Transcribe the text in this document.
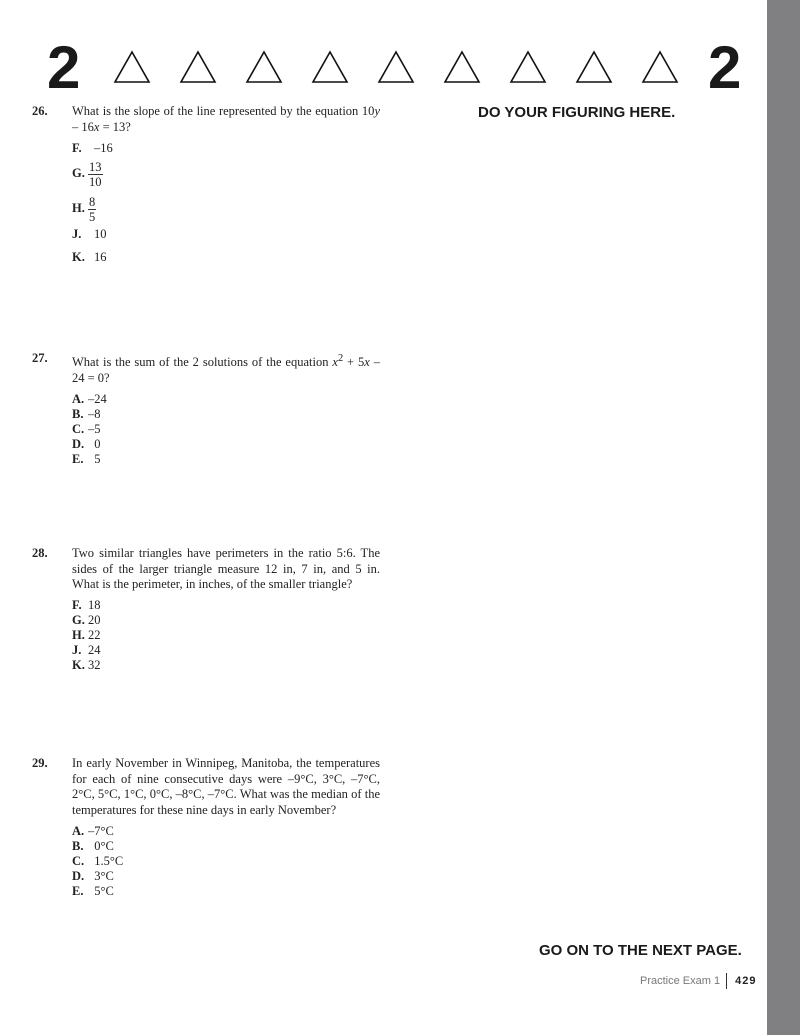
2	2
DO YOUR FIGURING HERE.
26. What is the slope of the line represented by the equation 10y – 16x = 13?
F. –16
G. $\frac{13}{10}$
H. $\frac{8}{5}$
J.	10
K. 16
27. What is the sum of the 2 solutions of the equation $x^2 + 5x - 24 = 0$?
A. –24
B. –8
C. –5
D.  0
E.  5
28. Two similar triangles have perimeters in the ratio 5:6. The sides of the larger triangle measure 12 in, 7 in, and 5 in. What is the perimeter, in inches, of the smaller triangle?
F. 18
G. 20
H. 22
J. 24
K. 32
29. In early November in Winnipeg, Manitoba, the temperatures for each of nine consecutive days were –9°C, 3°C, –7°C, 2°C, 5°C, 1°C, 0°C, –8°C, –7°C. What was the median of the temperatures for these nine days in early November?
A. –7°C
B.  0°C
C.  1.5°C
D.  3°C
E.  5°C
GO ON TO THE NEXT PAGE.
Practice Exam 1 429
